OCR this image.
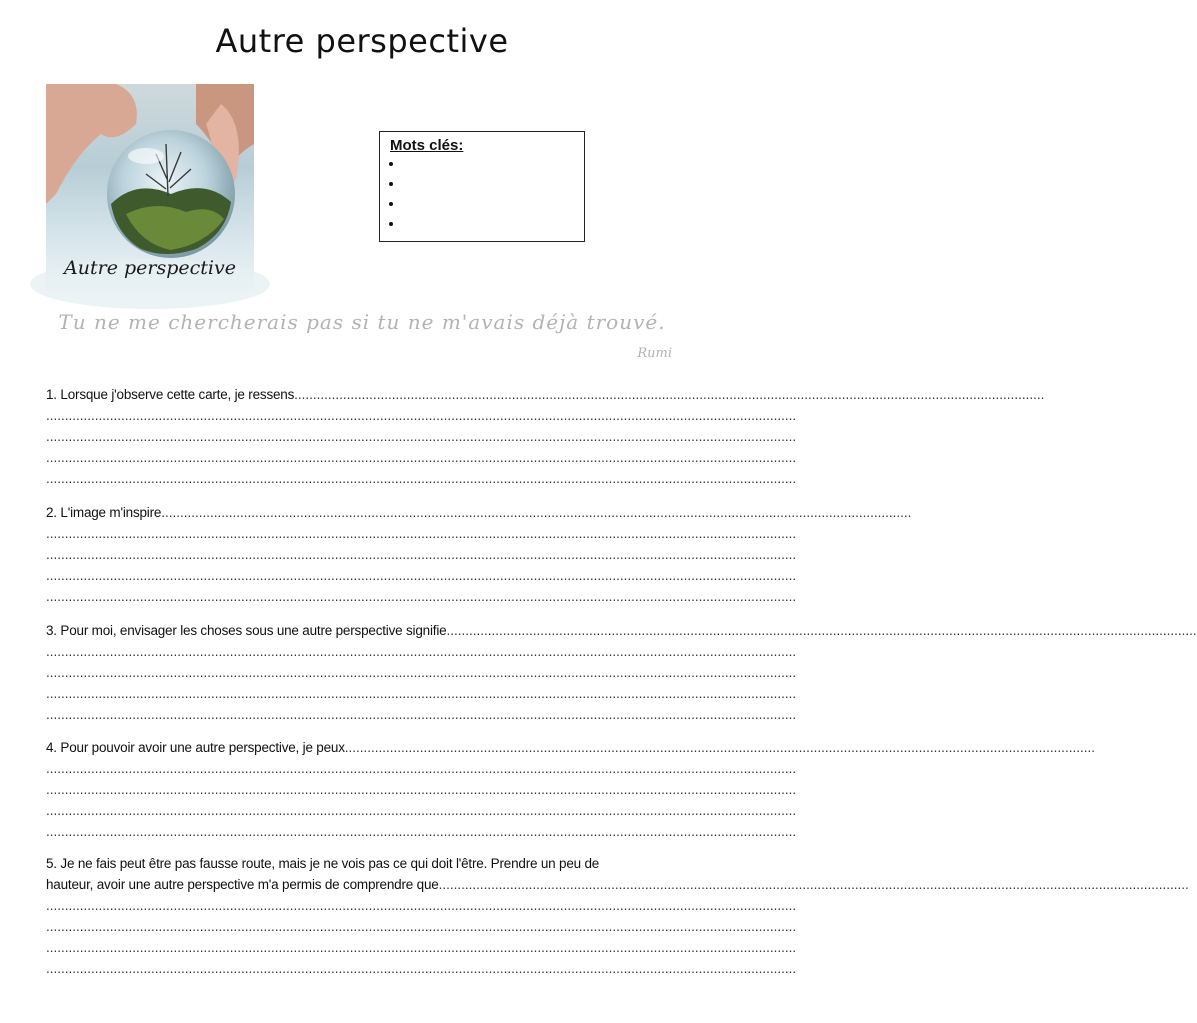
Autre perspective
Autre perspective
Mots clés:
•
•
•
•
Tu ne me chercherais pas si tu ne m'avais déjà trouvé.
Rumi
1. Lorsque j'observe cette carte, je ressens........................................................................................................................................................................................................
........................................................................................................................................................................................................
........................................................................................................................................................................................................
........................................................................................................................................................................................................
........................................................................................................................................................................................................
2. L'image m'inspire........................................................................................................................................................................................................
........................................................................................................................................................................................................
........................................................................................................................................................................................................
........................................................................................................................................................................................................
........................................................................................................................................................................................................
3. Pour moi, envisager les choses sous une autre perspective signifie........................................................................................................................................................................................................
........................................................................................................................................................................................................
........................................................................................................................................................................................................
........................................................................................................................................................................................................
........................................................................................................................................................................................................
4. Pour pouvoir avoir une autre perspective, je peux........................................................................................................................................................................................................
........................................................................................................................................................................................................
........................................................................................................................................................................................................
........................................................................................................................................................................................................
........................................................................................................................................................................................................
5. Je ne fais peut être pas fausse route, mais je ne vois pas ce qui doit l'être. Prendre un peu de
hauteur, avoir une autre perspective m'a permis de comprendre que........................................................................................................................................................................................................
........................................................................................................................................................................................................
........................................................................................................................................................................................................
........................................................................................................................................................................................................
........................................................................................................................................................................................................
